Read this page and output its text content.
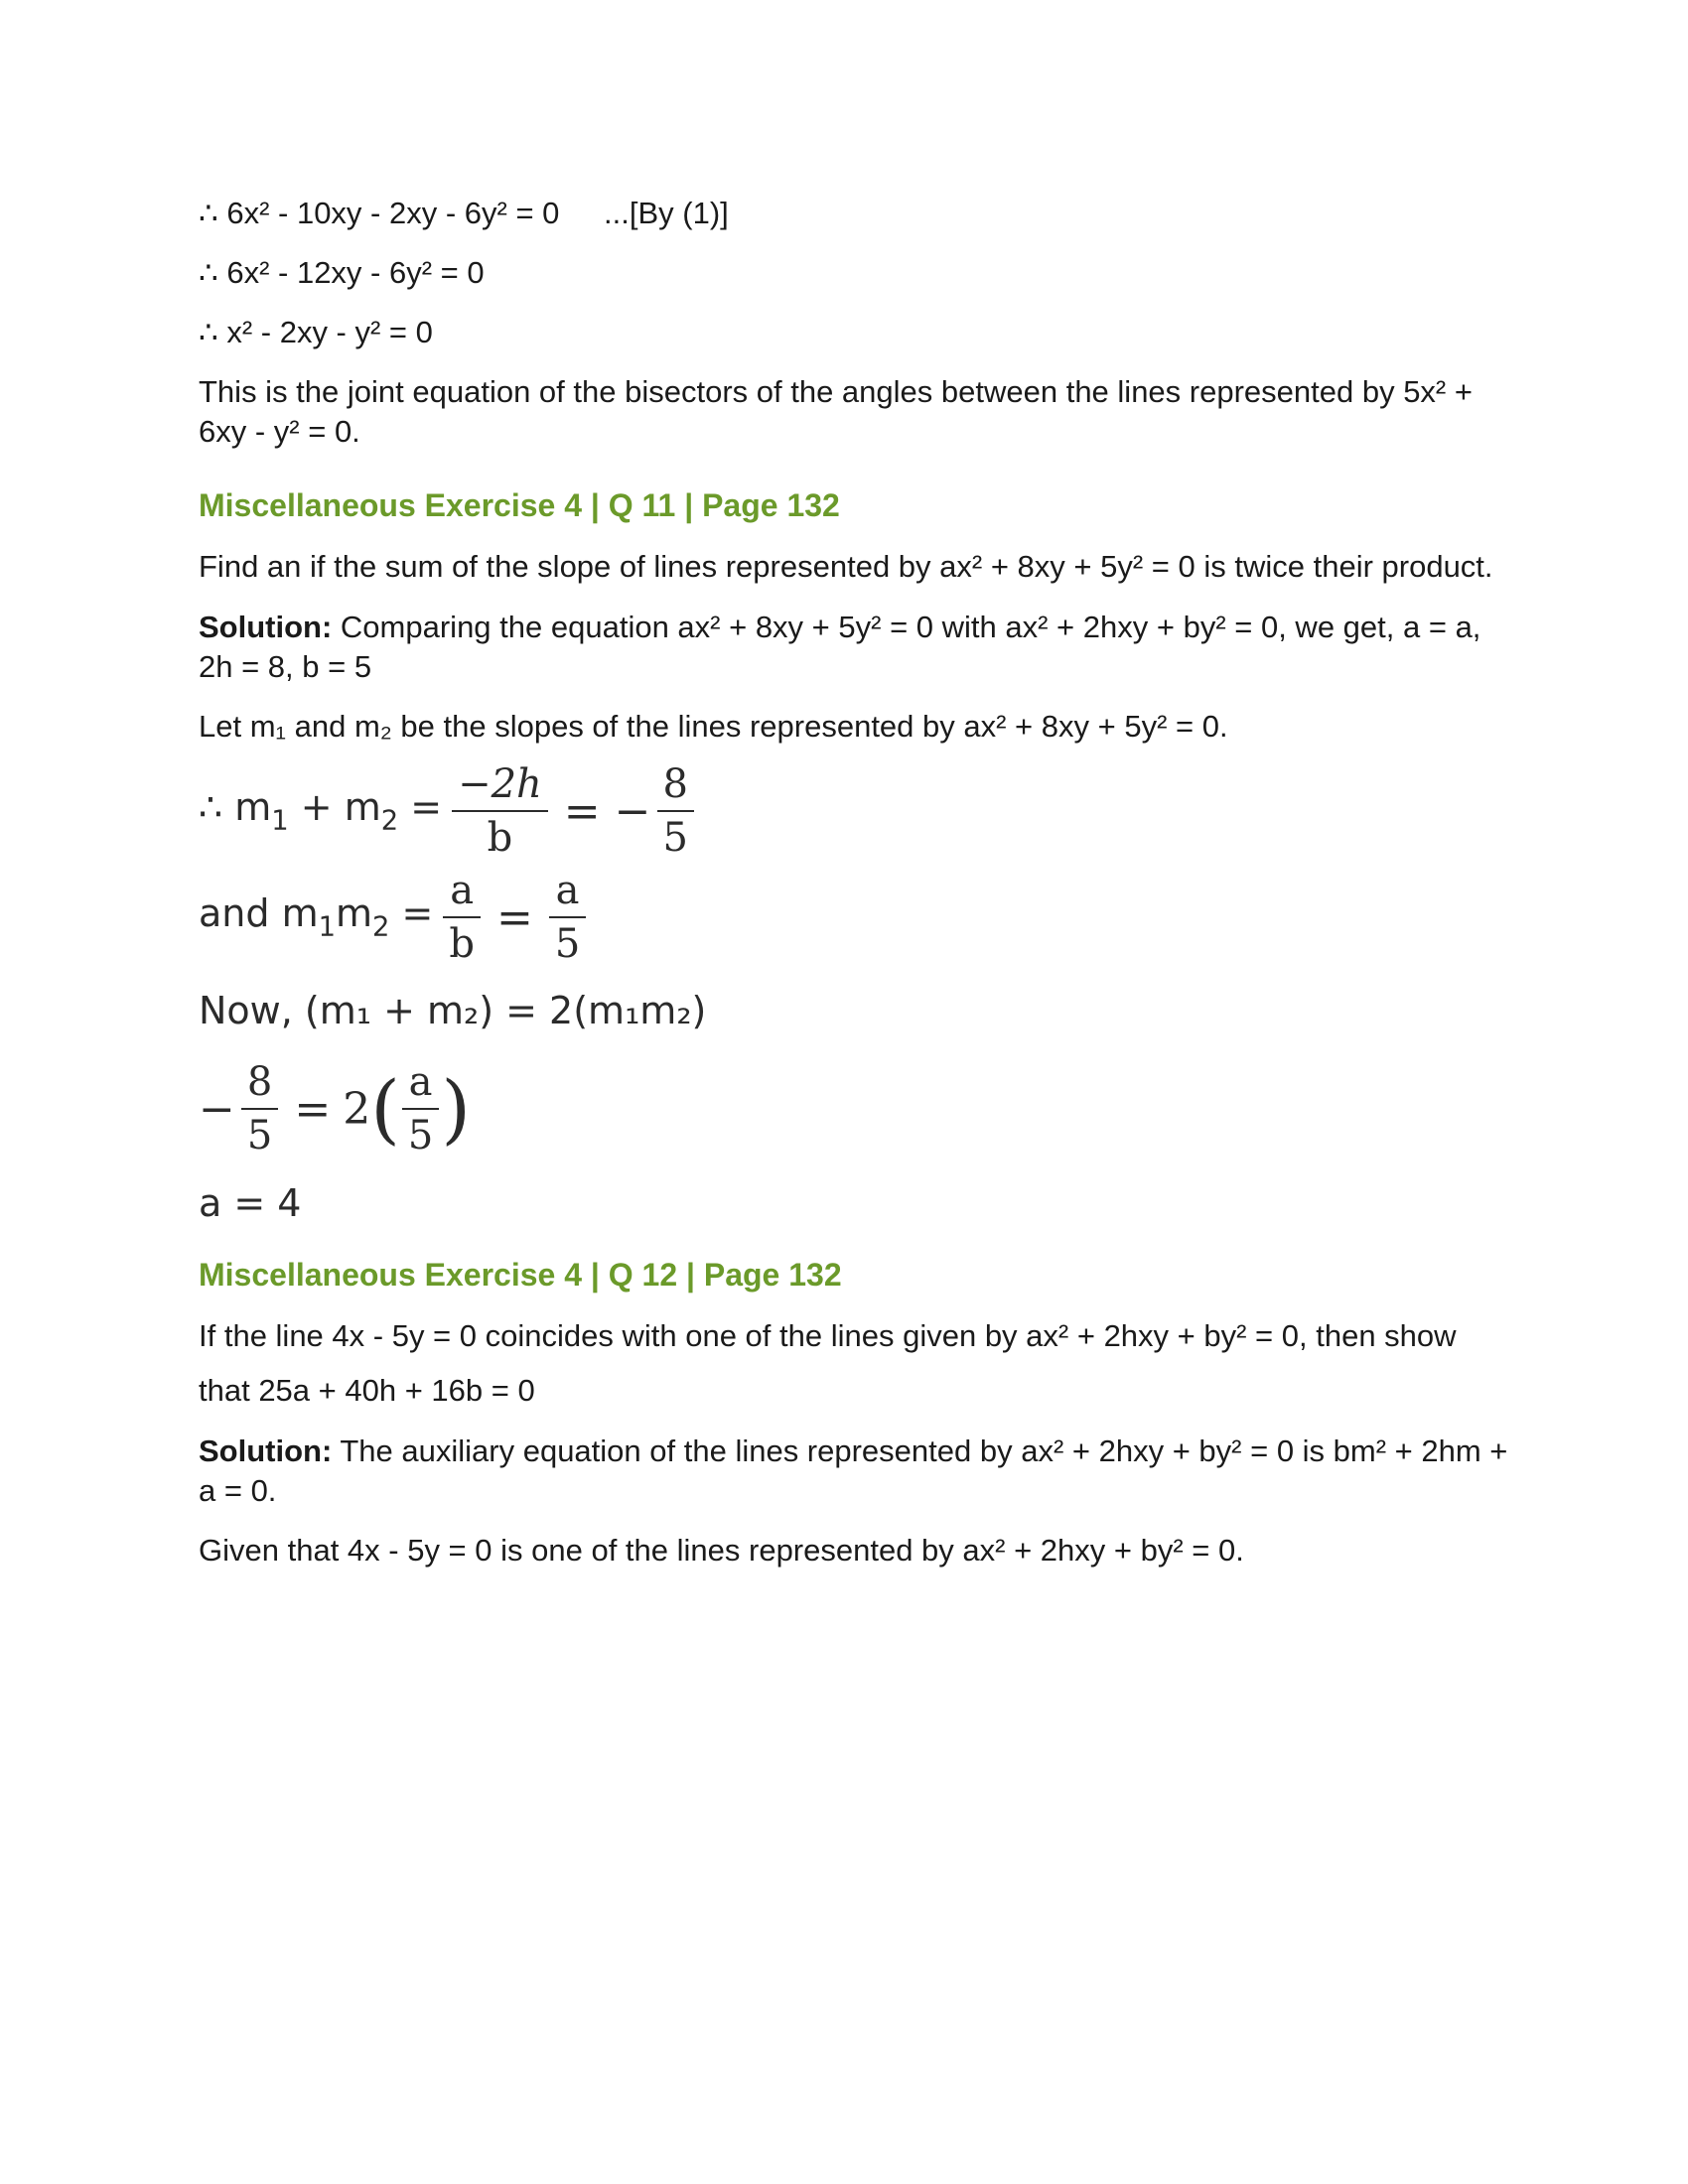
∴ 6x² - 10xy - 2xy - 6y² = 0 ...[By (1)]

∴ 6x² - 12xy - 6y² = 0

∴ x² - 2xy - y² = 0

This is the joint equation of the bisectors of the angles between the lines represented by 5x² + 6xy - y² = 0.

Miscellaneous Exercise 4 | Q 11 | Page 132

Find an if the sum of the slope of lines represented by ax² + 8xy + 5y² = 0 is twice their product.

Solution: Comparing the equation ax² + 8xy + 5y² = 0 with ax² + 2hxy + by² = 0, we get, a = a, 2h = 8, b = 5

Let m₁ and m₂ be the slopes of the lines represented by ax² + 8xy + 5y² = 0.

∴ $m_1 + m_2 = \frac{-2h}{b}$ = − $\frac{8}{5}$
and $m_1m_2 = \frac{a}{b} = \frac{a}{5}$

Now, (m₁ + m₂) = 2(m₁m₂)

− $\frac{8}{5} = 2$ ( $\frac{a}{5}$ )

a = 4

Miscellaneous Exercise 4 | Q 12 | Page 132

If the line 4x - 5y = 0 coincides with one of the lines given by ax² + 2hxy + by² = 0, then show that 25a + 40h + 16b = 0

Solution: The auxiliary equation of the lines represented by ax² + 2hxy + by² = 0 is bm² + 2hm + a = 0.

Given that 4x - 5y = 0 is one of the lines represented by ax² + 2hxy + by² = 0.
